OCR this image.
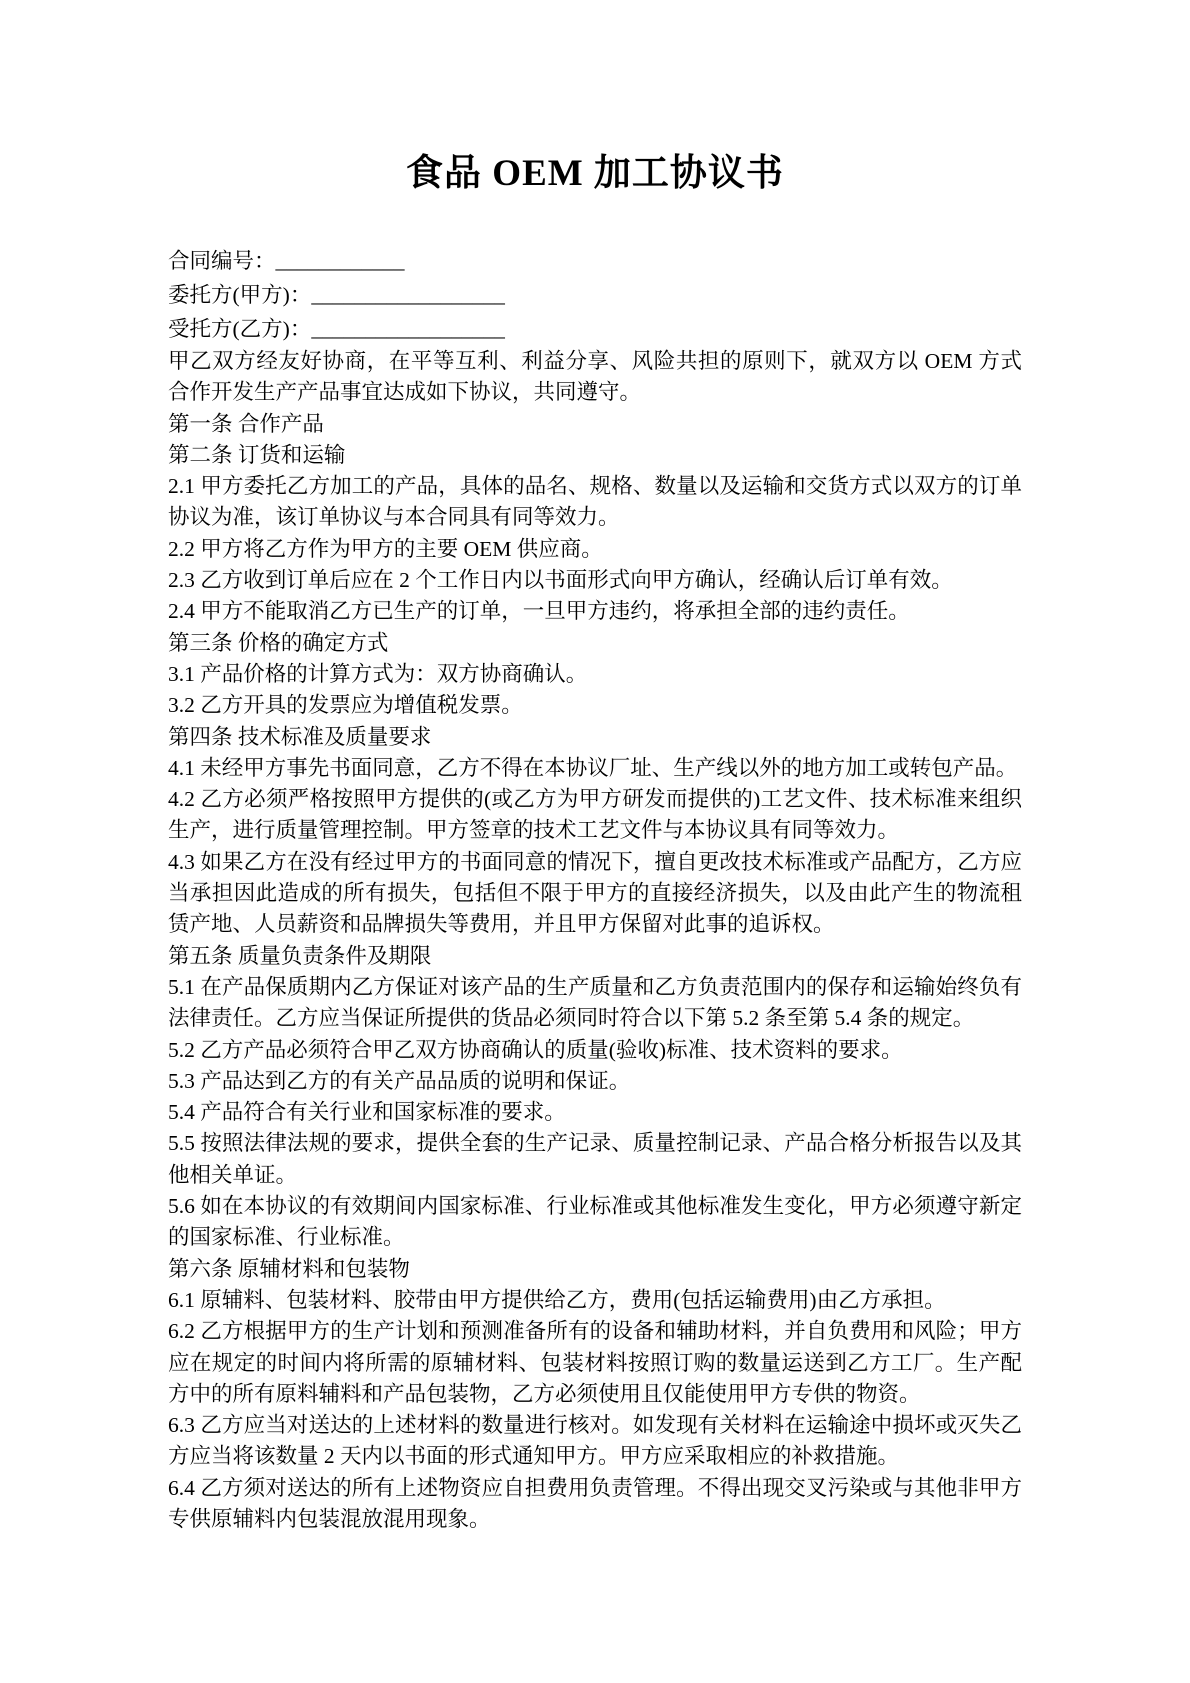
食品 OEM 加工协议书
合同编号：____________
委托方(甲方)：__________________
受托方(乙方)：__________________

甲乙双方经友好协商，在平等互利、利益分享、风险共担的原则下，就双方以 OEM 方式合作开发生产产品事宜达成如下协议，共同遵守。

第一条 合作产品

第二条 订货和运输

2.1 甲方委托乙方加工的产品，具体的品名、规格、数量以及运输和交货方式以双方的订单协议为准，该订单协议与本合同具有同等效力。

2.2 甲方将乙方作为甲方的主要 OEM 供应商。

2.3 乙方收到订单后应在 2 个工作日内以书面形式向甲方确认，经确认后订单有效。

2.4 甲方不能取消乙方已生产的订单，一旦甲方违约，将承担全部的违约责任。

第三条 价格的确定方式

3.1 产品价格的计算方式为：双方协商确认。

3.2 乙方开具的发票应为增值税发票。

第四条 技术标准及质量要求

4.1 未经甲方事先书面同意，乙方不得在本协议厂址、生产线以外的地方加工或转包产品。

4.2 乙方必须严格按照甲方提供的(或乙方为甲方研发而提供的)工艺文件、技术标准来组织生产，进行质量管理控制。甲方签章的技术工艺文件与本协议具有同等效力。

4.3 如果乙方在没有经过甲方的书面同意的情况下，擅自更改技术标准或产品配方，乙方应当承担因此造成的所有损失，包括但不限于甲方的直接经济损失，以及由此产生的物流租赁产地、人员薪资和品牌损失等费用，并且甲方保留对此事的追诉权。

第五条 质量负责条件及期限

5.1 在产品保质期内乙方保证对该产品的生产质量和乙方负责范围内的保存和运输始终负有法律责任。乙方应当保证所提供的货品必须同时符合以下第 5.2 条至第 5.4 条的规定。

5.2 乙方产品必须符合甲乙双方协商确认的质量(验收)标准、技术资料的要求。

5.3 产品达到乙方的有关产品品质的说明和保证。

5.4 产品符合有关行业和国家标准的要求。

5.5 按照法律法规的要求，提供全套的生产记录、质量控制记录、产品合格分析报告以及其他相关单证。

5.6 如在本协议的有效期间内国家标准、行业标准或其他标准发生变化，甲方必须遵守新定的国家标准、行业标准。

第六条 原辅材料和包装物

6.1 原辅料、包装材料、胶带由甲方提供给乙方，费用(包括运输费用)由乙方承担。

6.2 乙方根据甲方的生产计划和预测准备所有的设备和辅助材料，并自负费用和风险；甲方应在规定的时间内将所需的原辅材料、包装材料按照订购的数量运送到乙方工厂。生产配方中的所有原料辅料和产品包装物，乙方必须使用且仅能使用甲方专供的物资。

6.3 乙方应当对送达的上述材料的数量进行核对。如发现有关材料在运输途中损坏或灭失乙方应当将该数量 2 天内以书面的形式通知甲方。甲方应采取相应的补救措施。

6.4 乙方须对送达的所有上述物资应自担费用负责管理。不得出现交叉污染或与其他非甲方专供原辅料内包装混放混用现象。
